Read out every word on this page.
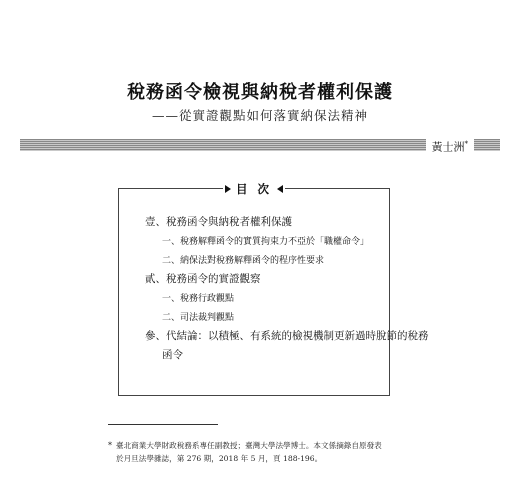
稅務函令檢視與納稅者權利保護
——從實證觀點如何落實納保法精神
黃士洲*
目 次
壹、稅務函令與納稅者權利保護
一、稅務解釋函令的實質拘束力不亞於「職權命令」
二、納保法對稅務解釋函令的程序性要求
貳、稅務函令的實證觀察
一、稅務行政觀點
二、司法裁判觀點
參、代結論：以積極、有系統的檢視機制更新過時脫節的稅務
函令
* 臺北商業大學財政稅務系專任副教授；臺灣大學法學博士。本文係摘錄自原發表
於月旦法學雜誌，第 276 期，2018 年 5 月，頁 188-196。
